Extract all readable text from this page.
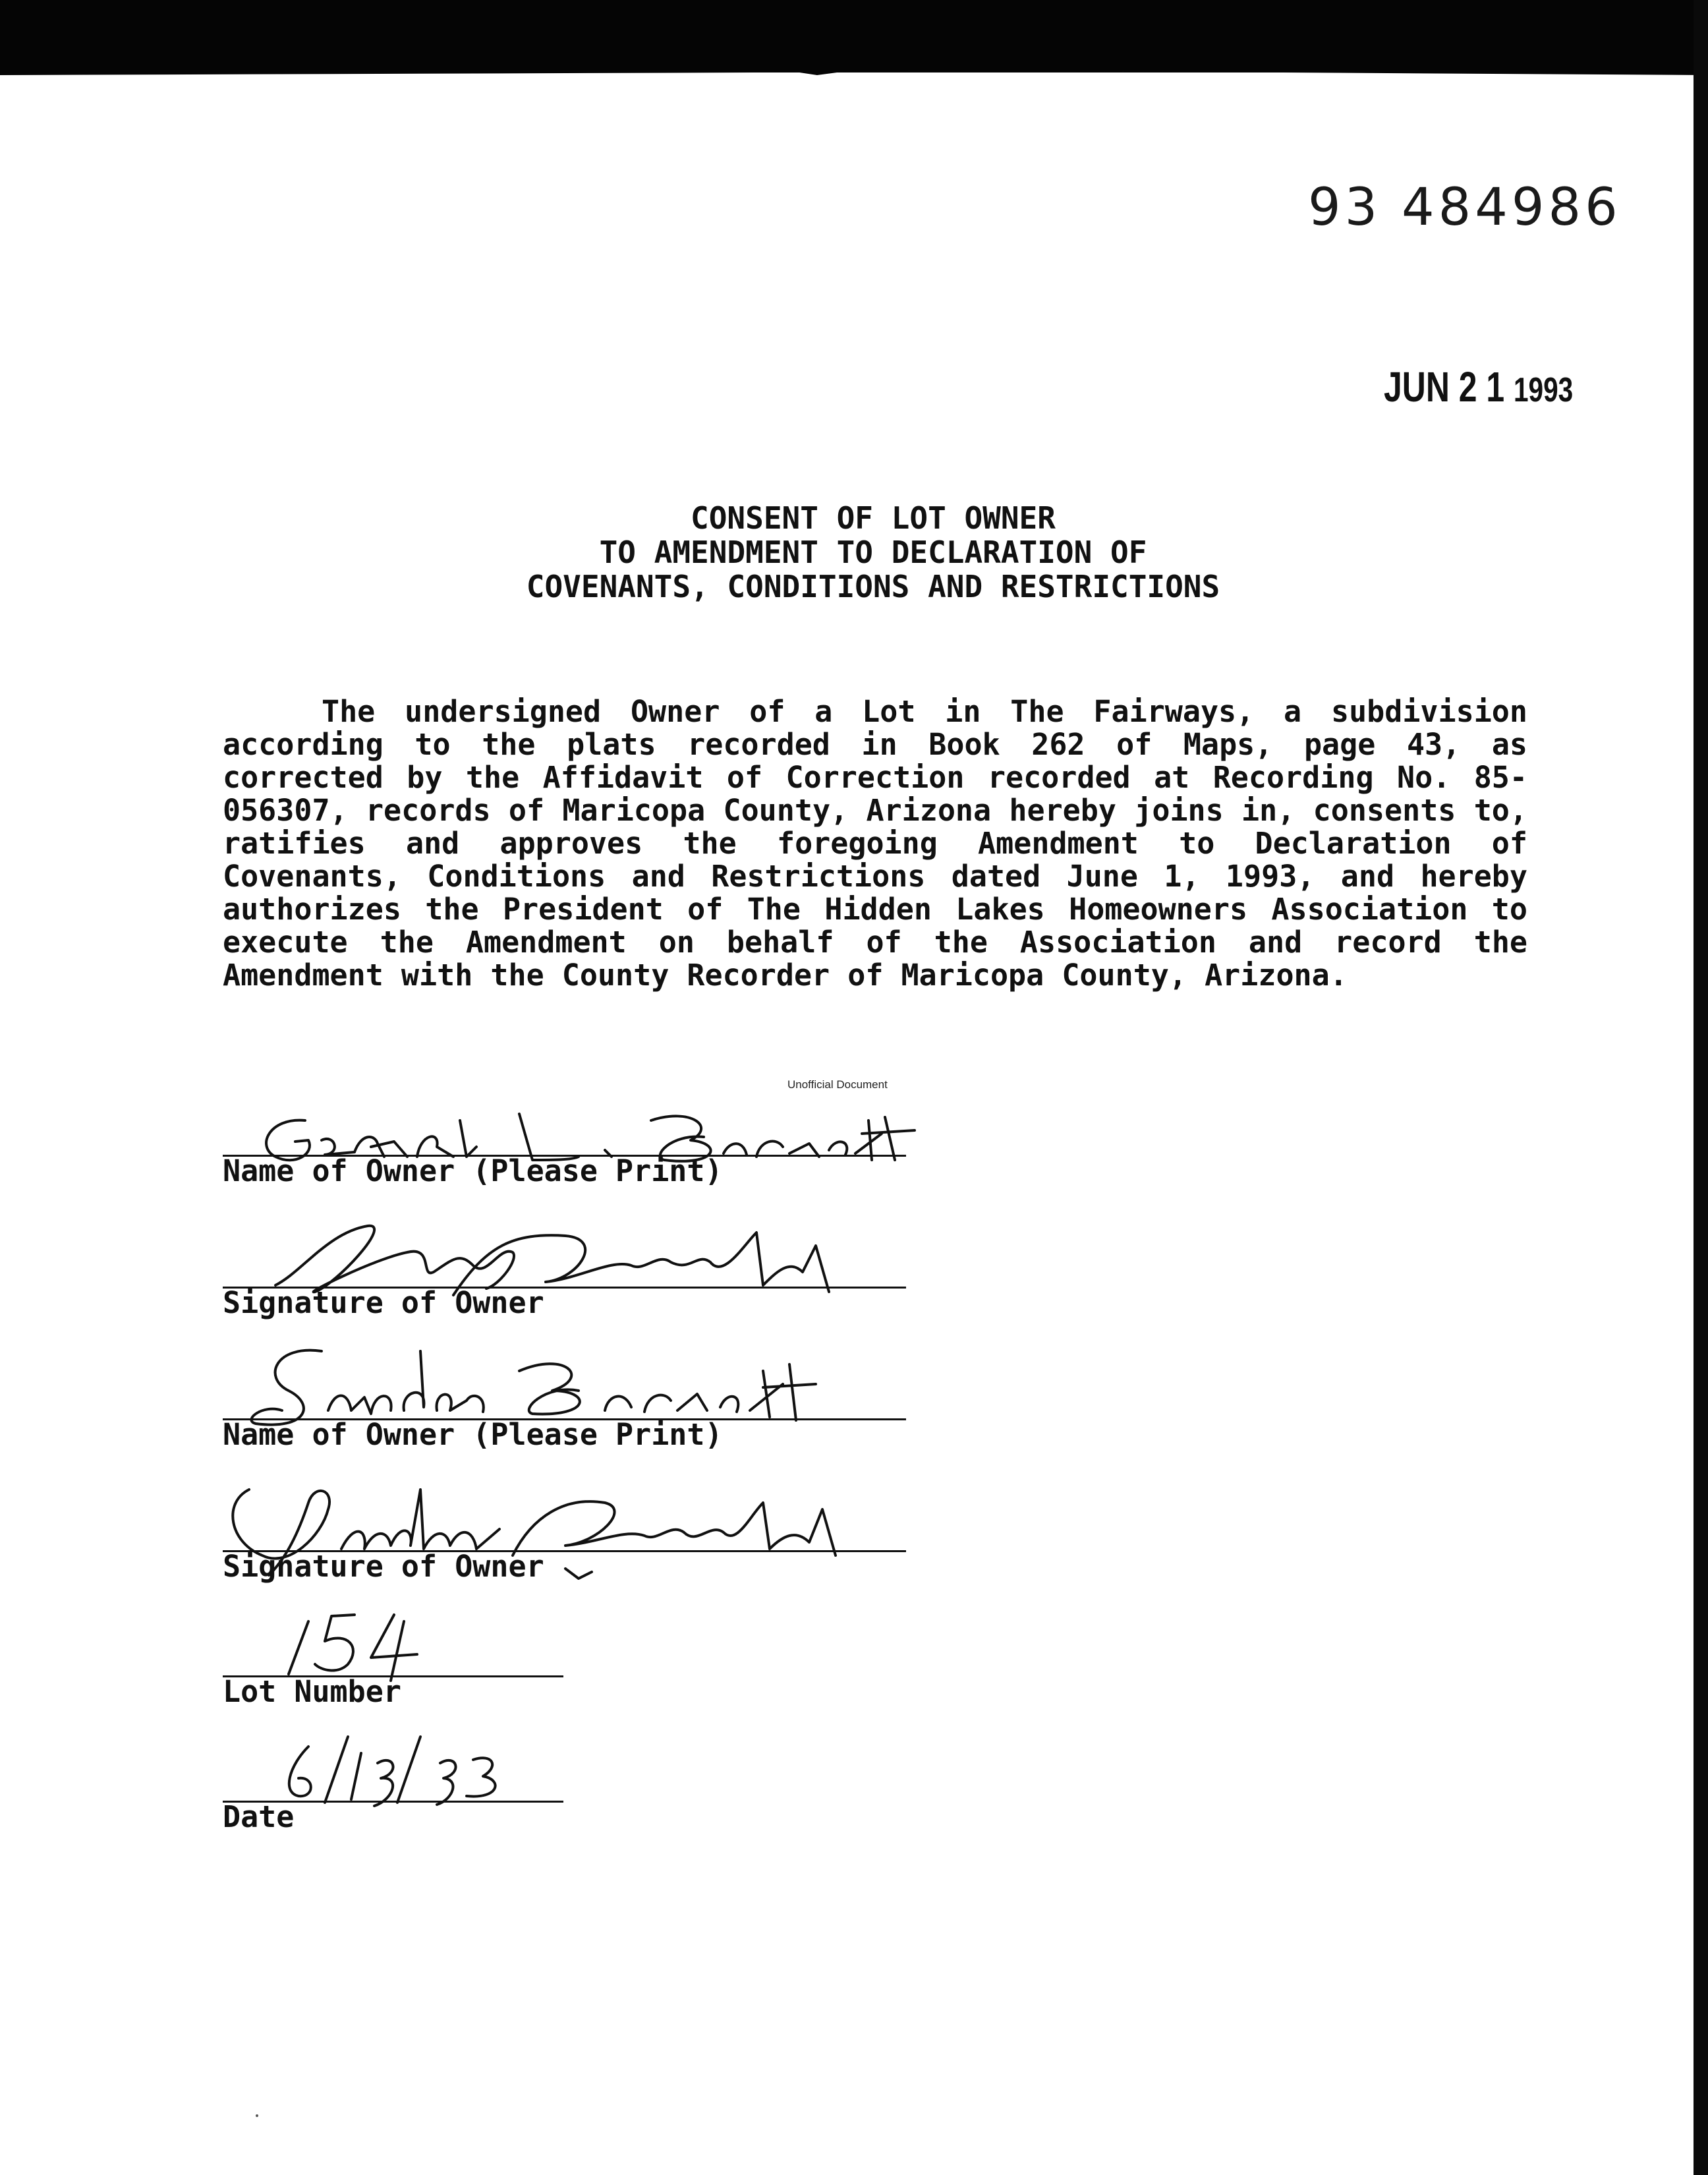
93 484986
JUN 2 1 1993
CONSENT OF LOT OWNER
TO AMENDMENT TO DECLARATION OF
COVENANTS, CONDITIONS AND RESTRICTIONS
The undersigned Owner of a Lot in The Fairways, a subdivision according to the plats recorded in Book 262 of Maps, page 43, as corrected by the Affidavit of Correction recorded at Recording No. 85-056307, records of Maricopa County, Arizona hereby joins in, consents to, ratifies and approves the foregoing Amendment to Declaration of Covenants, Conditions and Restrictions dated June 1, 1993, and hereby authorizes the President of The Hidden Lakes Homeowners Association to execute the Amendment on behalf of the Association and record the Amendment with the County Recorder of Maricopa County, Arizona.
Unofficial Document
Name of Owner (Please Print)
Signature of Owner
Name of Owner (Please Print)
Signature of Owner
Lot Number
Date
